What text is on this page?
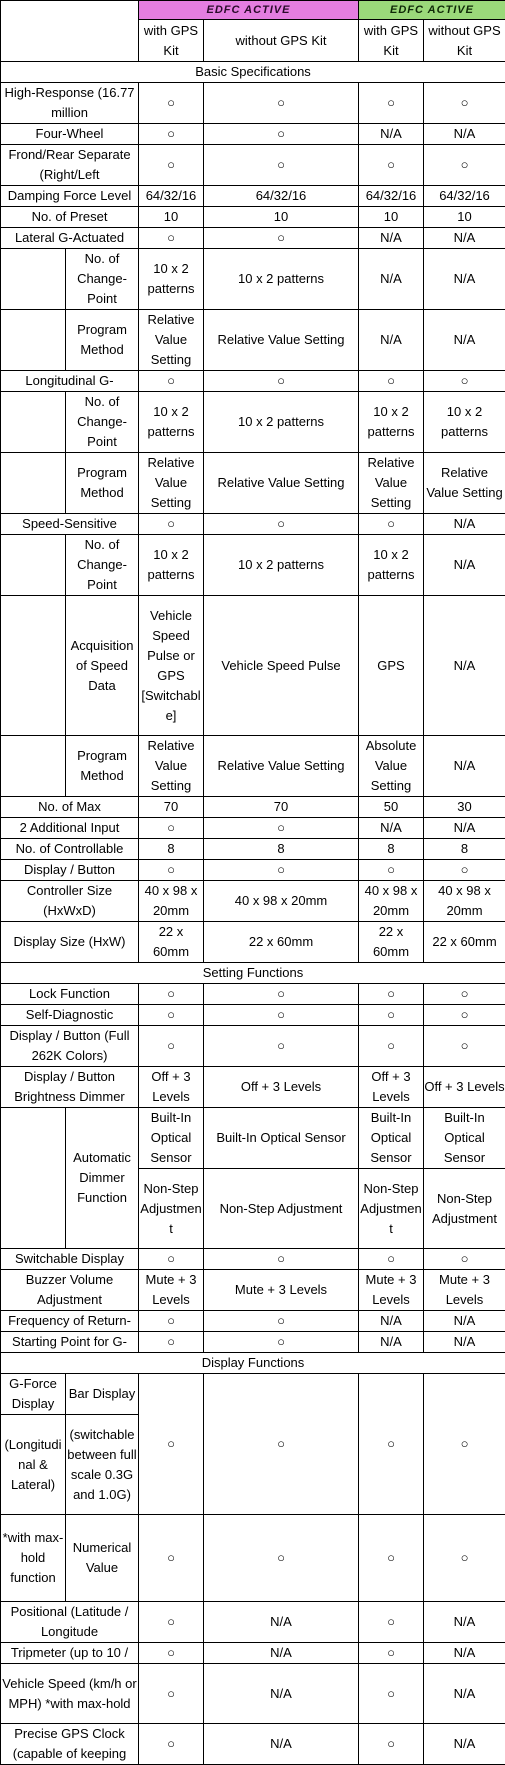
		EDFC ACTIVE		EDFC ACTIVE	

		with GPS Kit	without GPS Kit	with GPS Kit	without GPS Kit
Basic Specifications					
High-Response (16.77 million		○	○	○	○
Four-Wheel		○	○	N/A	N/A
Frond/Rear Separate (Right/Left		○	○	○	○
Damping Force Level		64/32/16	64/32/16	64/32/16	64/32/16
No. of Preset		10	10	10	10
Lateral G-Actuated		○	○	N/A	N/A
	No. of Change-Point	10 x 2 patterns	10 x 2 patterns	N/A	N/A
	Program Method	Relative Value Setting	Relative Value Setting	N/A	N/A
Longitudinal G-		○	○	○	○
	No. of Change-Point	10 x 2 patterns	10 x 2 patterns	10 x 2 patterns	10 x 2 patterns
	Program Method	Relative Value Setting	Relative Value Setting	Relative Value Setting	Relative Value Setting
Speed-Sensitive		○	○	○	N/A
	No. of Change-Point	10 x 2 patterns	10 x 2 patterns	10 x 2 patterns	N/A
	Acquisition of Speed Data	Vehicle Speed Pulse or GPS [Switchable]	Vehicle Speed Pulse	GPS	N/A
	Program Method	Relative Value Setting	Relative Value Setting	Absolute Value Setting	N/A
No. of Max		70	70	50	30
2 Additional Input		○	○	N/A	N/A
No. of Controllable		8	8	8	8
Display / Button		○	○	○	○
Controller Size (HxWxD)		40 x 98 x 20mm	40 x 98 x 20mm	40 x 98 x 20mm	40 x 98 x 20mm
Display Size (HxW)		22 x 60mm	22 x 60mm	22 x 60mm	22 x 60mm
Setting Functions					
Lock Function		○	○	○	○
Self-Diagnostic		○	○	○	○
Display / Button (Full 262K Colors)		○	○	○	○
Display / Button Brightness Dimmer		Off + 3 Levels	Off + 3 Levels	Off + 3 Levels	Off + 3 Levels
	Automatic Dimmer Function	Built-In Optical Sensor	Built-In Optical Sensor	Built-In Optical Sensor	Built-In Optical Sensor
		Non-Step Adjustment	Non-Step Adjustment	Non-Step Adjustment	Non-Step Adjustment
Switchable Display		○	○	○	○
Buzzer Volume Adjustment		Mute + 3 Levels	Mute + 3 Levels	Mute + 3 Levels	Mute + 3 Levels
Frequency of Return-		○	○	N/A	N/A
Starting Point for G-		○	○	N/A	N/A
Display Functions					
G-Force Display	Bar Display	○	○	○	○
(Longitudinal & Lateral)	(switchable between full scale 0.3G and 1.0G)				
*with max-hold function	Numerical Value	○	○	○	○
Positional (Latitude / Longitude		○	N/A	○	N/A
Tripmeter (up to 10 /		○	N/A	○	N/A
Vehicle Speed (km/h or MPH) *with max-hold		○	N/A	○	N/A
Precise GPS Clock (capable of keeping		○	N/A	○	N/A
